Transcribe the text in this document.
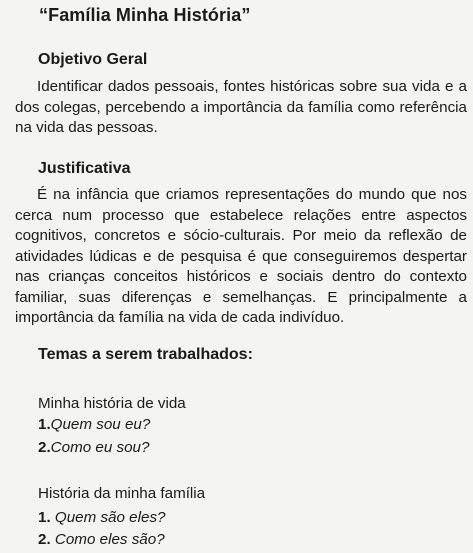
“Família Minha História”
Objetivo Geral

Identificar dados pessoais, fontes históricas sobre sua vida e a dos colegas, percebendo a importância da família como referência na vida das pessoas.

Justificativa

É na infância que criamos representações do mundo que nos cerca num processo que estabelece relações entre aspectos cognitivos, concretos e sócio-culturais. Por meio da reflexão de atividades lúdicas e de pesquisa é que conseguiremos despertar nas crianças conceitos históricos e sociais dentro do contexto familiar, suas diferenças e semelhanças. E principalmente a importância da família na vida de cada indivíduo.

Temas a serem trabalhados:
Minha história de vida
1.Quem sou eu?
2.Como eu sou?
História da minha família
1. Quem são eles?
2. Como eles são?
